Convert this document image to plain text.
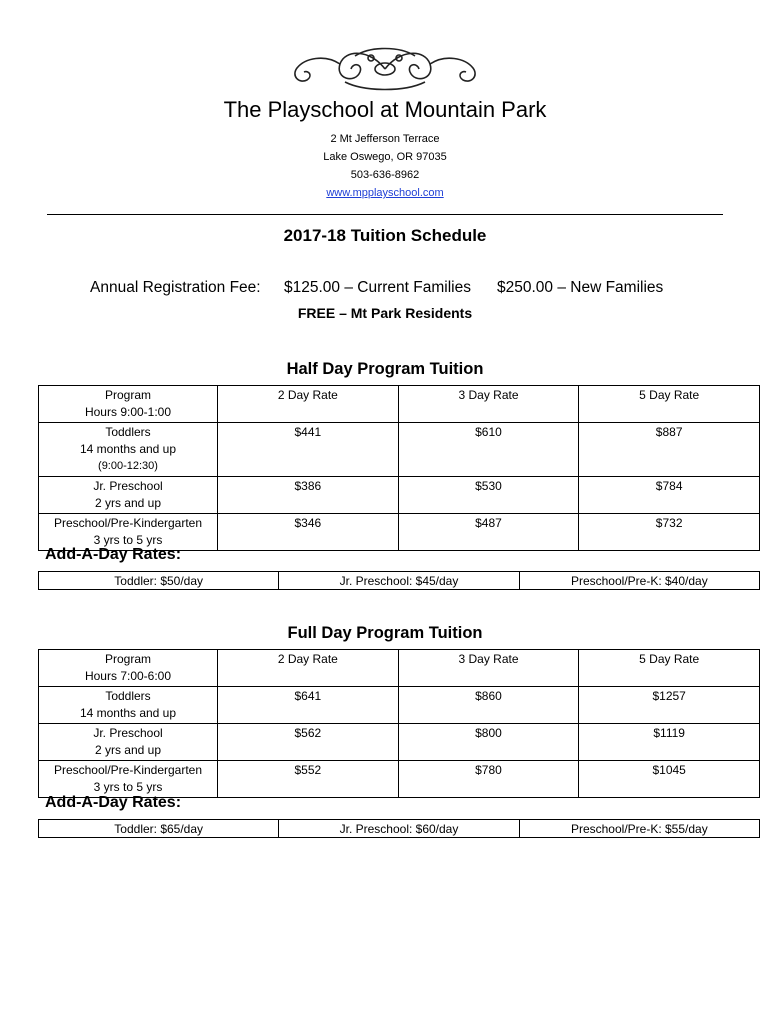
The Playschool at Mountain Park
2 Mt Jefferson Terrace
Lake Oswego, OR 97035
503-636-8962
www.mpplayschool.com
2017-18 Tuition Schedule
Annual Registration Fee: $125.00 – Current Families $250.00 – New Families
FREE – Mt Park Residents
Half Day Program Tuition
Program
Hours 9:00-1:00	2 Day Rate	3 Day Rate	5 Day Rate

Toddlers
14 months and up
(9:00-12:30)	$441	$610	$887

Jr. Preschool
2 yrs and up	$386	$530	$784

Preschool/Pre-Kindergarten
3 yrs to 5 yrs	$346	$487	$732
Add-A-Day Rates:
Toddler: $50/day	Jr. Preschool: $45/day	Preschool/Pre-K: $40/day
Full Day Program Tuition
Program
Hours 7:00-6:00	2 Day Rate	3 Day Rate	5 Day Rate

Toddlers
14 months and up	$641	$860	$1257

Jr. Preschool
2 yrs and up	$562	$800	$1119

Preschool/Pre-Kindergarten
3 yrs to 5 yrs	$552	$780	$1045
Add-A-Day Rates:
Toddler: $65/day	Jr. Preschool: $60/day	Preschool/Pre-K: $55/day
